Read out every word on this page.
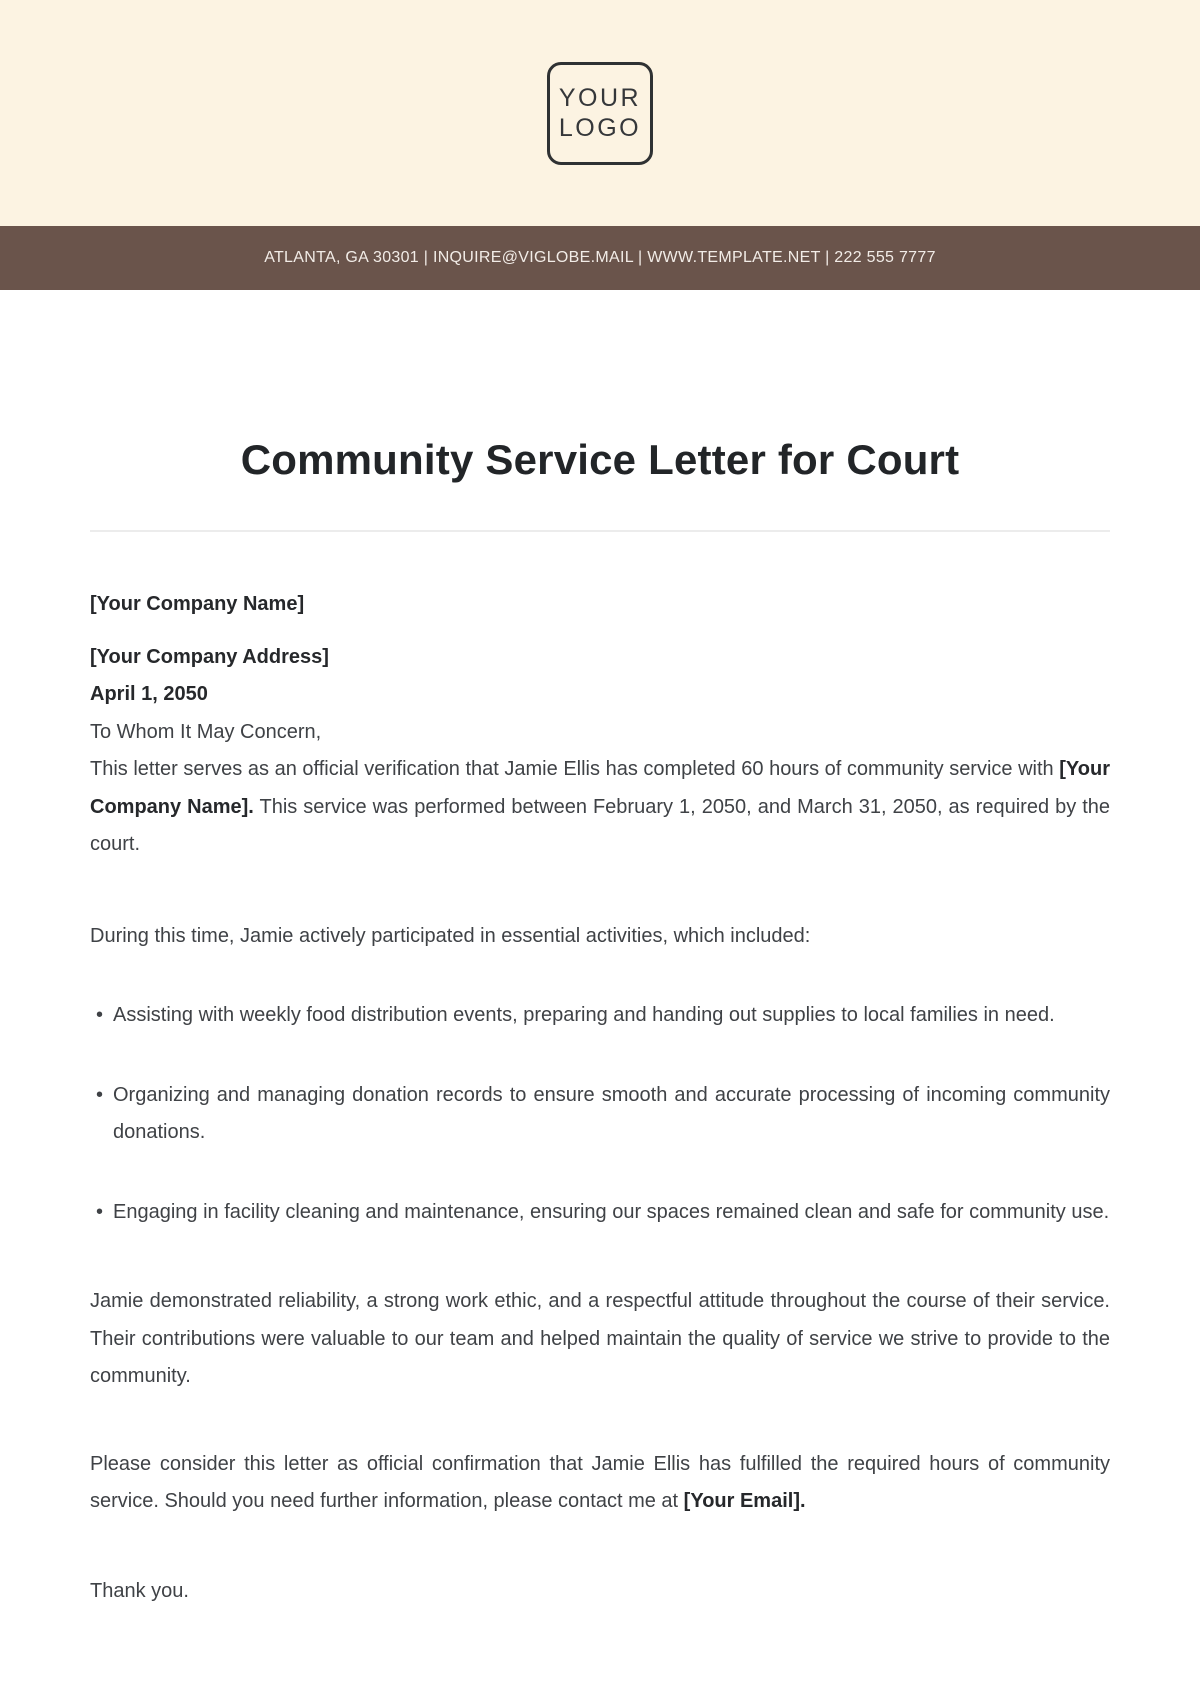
YOUR
LOGO
ATLANTA, GA 30301 | INQUIRE@VIGLOBE.MAIL | WWW.TEMPLATE.NET | 222 555 7777
Community Service Letter for Court

[Your Company Name]

[Your Company Address]

April 1, 2050

To Whom It May Concern,

This letter serves as an official verification that Jamie Ellis has completed 60 hours of community service with [Your Company Name]. This service was performed between February 1, 2050, and March 31, 2050, as required by the court.

During this time, Jamie actively participated in essential activities, which included:

• Assisting with weekly food distribution events, preparing and handing out supplies to local families in need.
• Organizing and managing donation records to ensure smooth and accurate processing of incoming community donations.
• Engaging in facility cleaning and maintenance, ensuring our spaces remained clean and safe for community use.

Jamie demonstrated reliability, a strong work ethic, and a respectful attitude throughout the course of their service. Their contributions were valuable to our team and helped maintain the quality of service we strive to provide to the community.

Please consider this letter as official confirmation that Jamie Ellis has fulfilled the required hours of community service. Should you need further information, please contact me at [Your Email].

Thank you.
